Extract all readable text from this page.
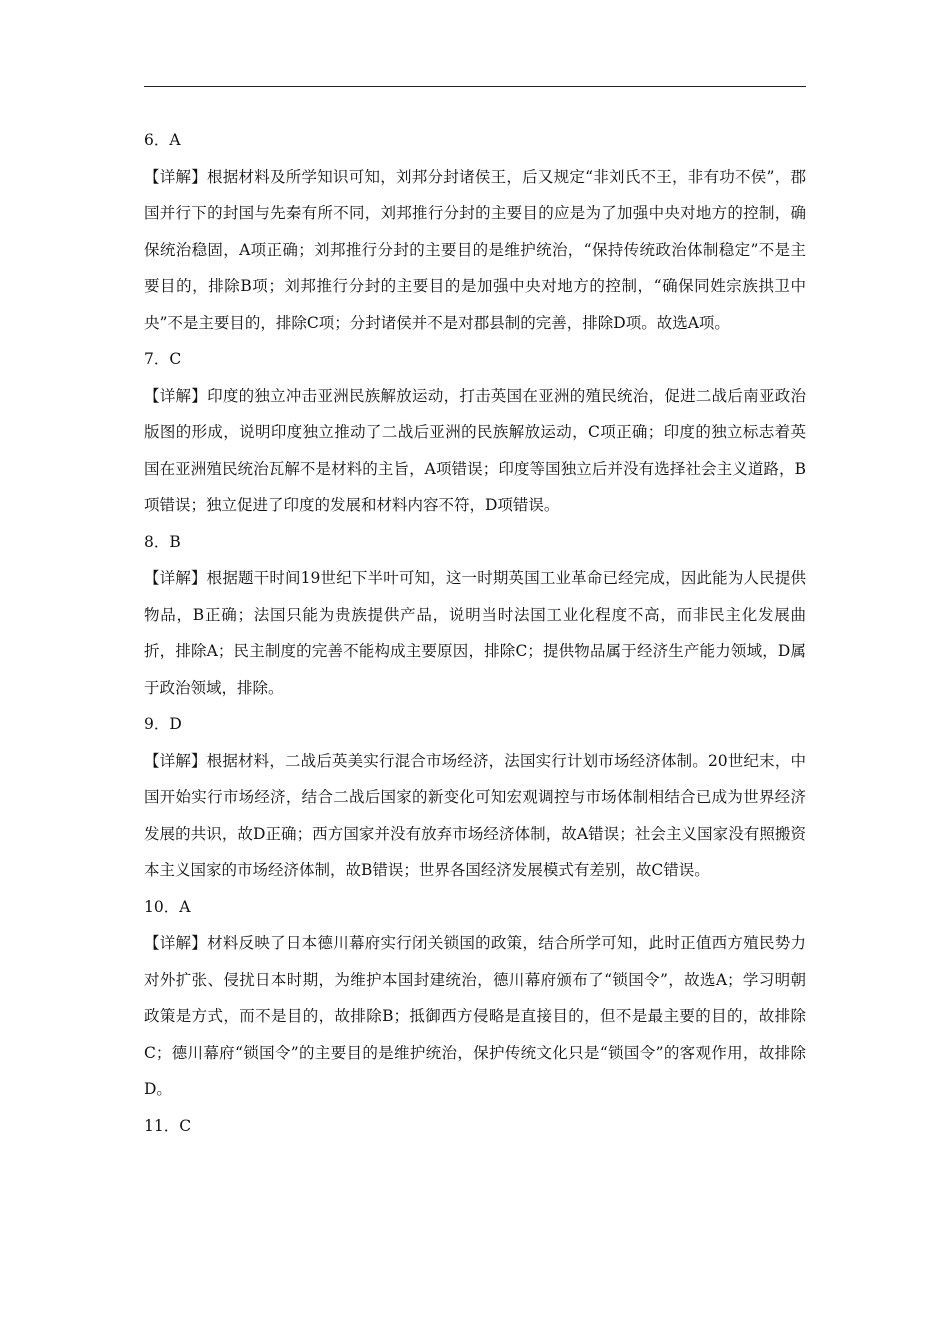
6．A

【详解】根据材料及所学知识可知，刘邦分封诸侯王，后又规定“非刘氏不王，非有功不侯”，郡国并行下的封国与先秦有所不同，刘邦推行分封的主要目的应是为了加强中央对地方的控制，确保统治稳固，A项正确；刘邦推行分封的主要目的是维护统治，“保持传统政治体制稳定”不是主要目的，排除B项；刘邦推行分封的主要目的是加强中央对地方的控制，“确保同姓宗族拱卫中央”不是主要目的，排除C项；分封诸侯并不是对郡县制的完善，排除D项。故选A项。

7．C

【详解】印度的独立冲击亚洲民族解放运动，打击英国在亚洲的殖民统治，促进二战后南亚政治版图的形成，说明印度独立推动了二战后亚洲的民族解放运动，C项正确；印度的独立标志着英国在亚洲殖民统治瓦解不是材料的主旨，A项错误；印度等国独立后并没有选择社会主义道路，B项错误；独立促进了印度的发展和材料内容不符，D项错误。

8．B

【详解】根据题干时间19世纪下半叶可知，这一时期英国工业革命已经完成，因此能为人民提供物品，B正确；法国只能为贵族提供产品，说明当时法国工业化程度不高，而非民主化发展曲折，排除A；民主制度的完善不能构成主要原因，排除C；提供物品属于经济生产能力领域，D属于政治领域，排除。

9．D

【详解】根据材料，二战后英美实行混合市场经济，法国实行计划市场经济体制。20世纪末，中国开始实行市场经济，结合二战后国家的新变化可知宏观调控与市场体制相结合已成为世界经济发展的共识，故D正确；西方国家并没有放弃市场经济体制，故A错误；社会主义国家没有照搬资本主义国家的市场经济体制，故B错误；世界各国经济发展模式有差别，故C错误。

10．A

【详解】材料反映了日本德川幕府实行闭关锁国的政策，结合所学可知，此时正值西方殖民势力对外扩张、侵扰日本时期，为维护本国封建统治，德川幕府颁布了“锁国令”，故选A；学习明朝政策是方式，而不是目的，故排除B；抵御西方侵略是直接目的，但不是最主要的目的，故排除C；德川幕府“锁国令”的主要目的是维护统治，保护传统文化只是“锁国令”的客观作用，故排除D。

11．C
